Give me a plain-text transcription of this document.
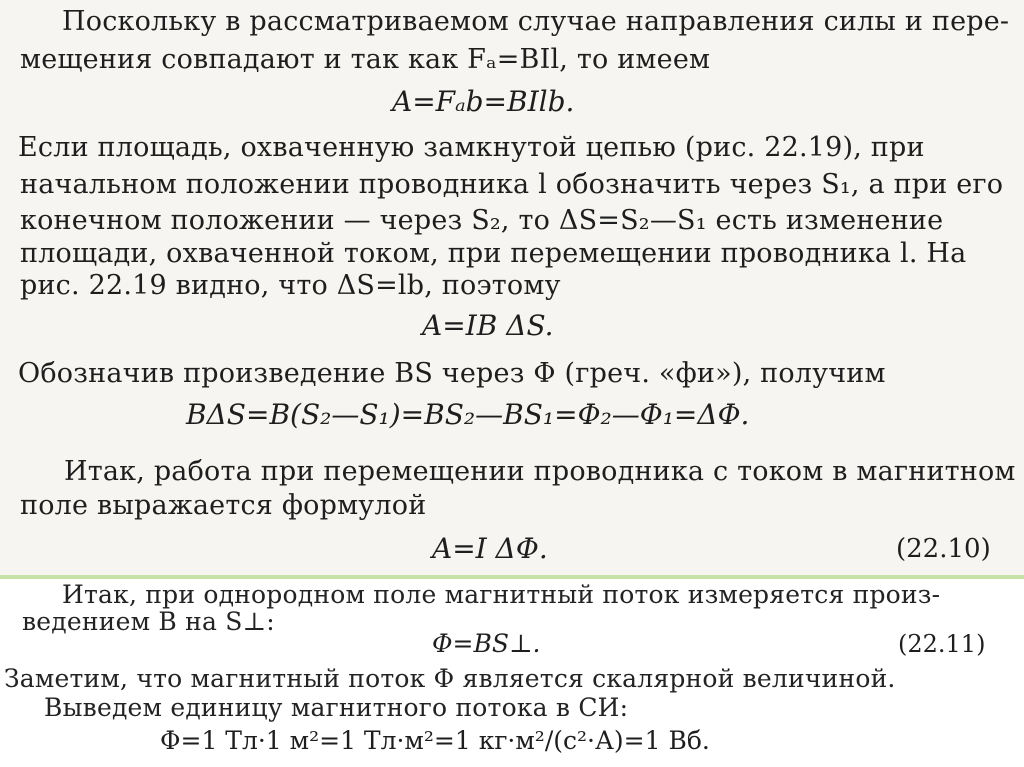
Поскольку в рассматриваемом случае направления силы и пере-
мещения совпадают и так как Fₐ=BIl, то имеем
A=Fₐb=BIlb.
Если площадь, охваченную замкнутой цепью (рис. 22.19), при
начальном положении проводника l обозначить через S₁, а при его
конечном положении — через S₂, то ΔS=S₂—S₁ есть изменение
площади, охваченной током, при перемещении проводника l. На
рис. 22.19 видно, что ΔS=lb, поэтому
A=IB ΔS.
Обозначив произведение BS через Φ (греч. «фи»), получим
BΔS=B(S₂—S₁)=BS₂—BS₁=Φ₂—Φ₁=ΔΦ.
Итак, работа при перемещении проводника с током в магнитном
поле выражается формулой
A=I ΔΦ.	(22.10)
Итак, при однородном поле магнитный поток измеряется произ-
ведением B на S⊥:
Φ=BS⊥.	(22.11)
Заметим, что магнитный поток Φ является скалярной величиной.
Выведем единицу магнитного потока в СИ:
Φ=1 Тл·1 м²=1 Тл·м²=1 кг·м²/(с²·А)=1 Вб.
